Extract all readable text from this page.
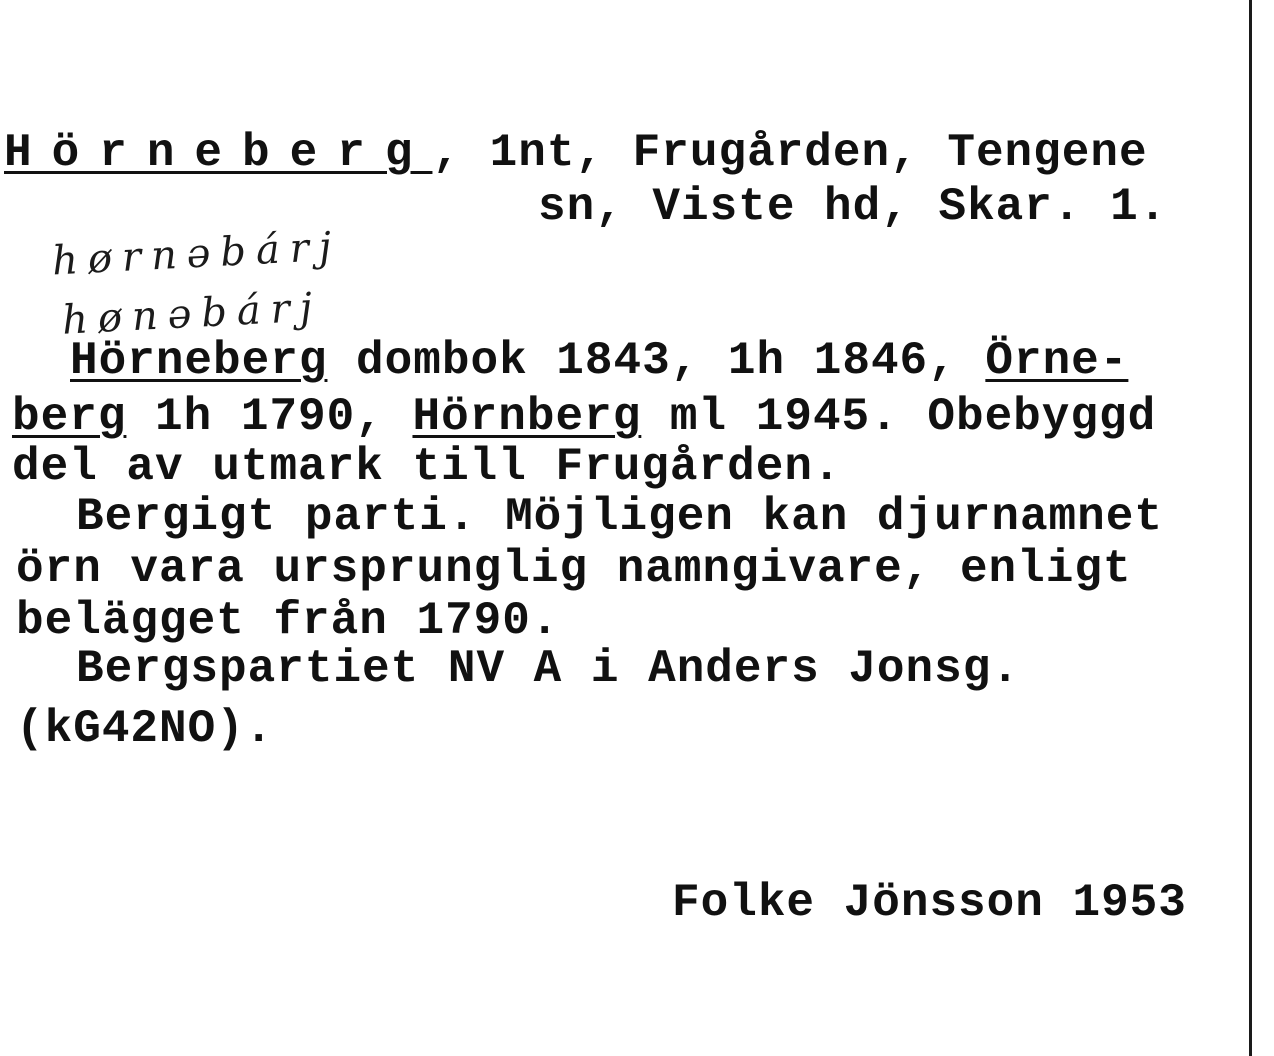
Hörneberg, 1nt, Frugården, Tengene
sn, Viste hd, Skar. 1.
hørnəbárj
hønəbárj
Hörneberg dombok 1843, 1h 1846, Örne-
berg 1h 1790, Hörnberg ml 1945. Obebyggd
del av utmark till Frugården.
Bergigt parti. Möjligen kan djurnamnet
örn vara ursprunglig namngivare, enligt
belägget från 1790.
Bergspartiet NV A i Anders Jonsg.
(kG42NO).
Folke Jönsson 1953
